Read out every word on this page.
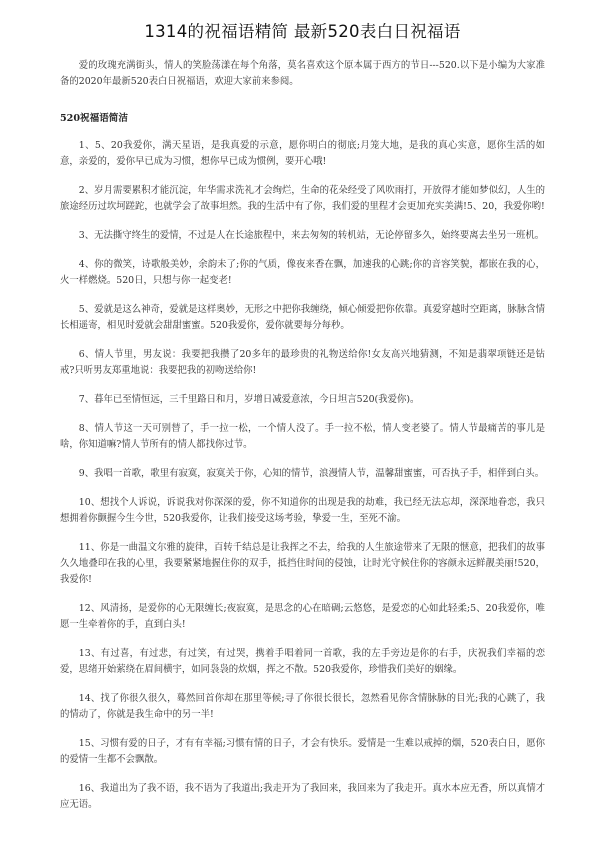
1314的祝福语精简 最新520表白日祝福语

爱的玫瑰充满街头，情人的笑脸荡漾在每个角落，莫名喜欢这个原本属于西方的节日---520.以下是小编为大家准备的2020年最新520表白日祝福语，欢迎大家前来参阅。

520祝福语简洁

1、5、20我爱你，满天星语，是我真爱的示意，愿你明白的彻底;月笼大地，是我的真心实意，愿你生活的如意，亲爱的，爱你早已成为习惯，想你早已成为惯例，要开心哦!

2、岁月需要累积才能沉淀，年华需求洗礼才会绚烂，生命的花朵经受了风吹雨打，开放得才能如梦似幻，人生的旅途经历过坎坷蹉跎，也就学会了故事坦然。我的生活中有了你，我们爱的里程才会更加充实美满!5、20，我爱你哟!

3、无法撕守终生的爱情，不过是人在长途旅程中，来去匆匆的转机站，无论停留多久，始终要离去坐另一班机。

4、你的微笑，诗歌般美妙，余韵未了;你的气质，像夜来香在飘，加速我的心跳;你的音容笑貌，都嵌在我的心，火一样燃烧。520日，只想与你一起变老!

5、爱就是这么神奇，爱就是这样奥妙，无形之中把你我缠绕，倾心倾爱把你依靠。真爱穿越时空距离，脉脉含情长相遥寄，相见时爱就会甜甜蜜蜜。520我爱你，爱你就要每分每秒。

6、情人节里，男友说：我要把我攒了20多年的最珍贵的礼物送给你!女友高兴地猜测，不知是翡翠项链还是钻戒?只听男友郑重地说：我要把我的初吻送给你!

7、暮年已至情恒远，三千里路日和月，岁增日减爱意浓，今日坦言520(我爱你)。

8、情人节这一天可别替了，手一拉一松，一个情人没了。手一拉不松，情人变老婆了。情人节最痛苦的事儿是啥，你知道嘛?情人节所有的情人都找你过节。

9、我唱一首歌，歌里有寂寞，寂寞关于你，心知的情节，浪漫情人节，温馨甜蜜蜜，可否执子手，相伴到白头。

10、想找个人诉说，诉说我对你深深的爱，你不知道你的出现是我的劫难，我已经无法忘却，深深地眷恋，我只想拥着你颤握今生今世，520我爱你，让我们接受这场考验，挚爱一生，至死不渝。

11、你是一曲温文尔雅的旋律，百转千结总是让我挥之不去，给我的人生旅途带来了无限的惬意，把我们的故事久久地叠印在我的心里，我要紧紧地握住你的双手，抵挡住时间的侵蚀，让时光守候住你的容颜永远鲜靓美丽!520，我爱你!

12、风清扬，是爱你的心无限缠长;夜寂寞，是思念的心在暗碉;云悠悠，是爱恋的心如此轻柔;5、20我爱你，唯愿一生牵着你的手，直到白头!

13、有过喜，有过悲，有过笑，有过哭，携着手唱着同一首歌，我的左手旁边是你的右手，庆祝我们幸福的恋爱，思绪开始萦绕在眉间横宇，如同袅袅的炊烟，挥之不散。520我爱你，珍惜我们美好的姻缘。

14、找了你很久很久，蓦然回首你却在那里等候;寻了你很长很长，忽然看见你含情脉脉的目光;我的心跳了，我的情动了，你就是我生命中的另一半!

15、习惯有爱的日子，才有有幸福;习惯有情的日子，才会有快乐。爱情是一生难以戒掉的烟，520表白日，愿你的爱情一生都不会飘散。

16、我道出为了我不语，我不语为了我道出;我走开为了我回来，我回来为了我走开。真水本应无香，所以真情才应无语。
